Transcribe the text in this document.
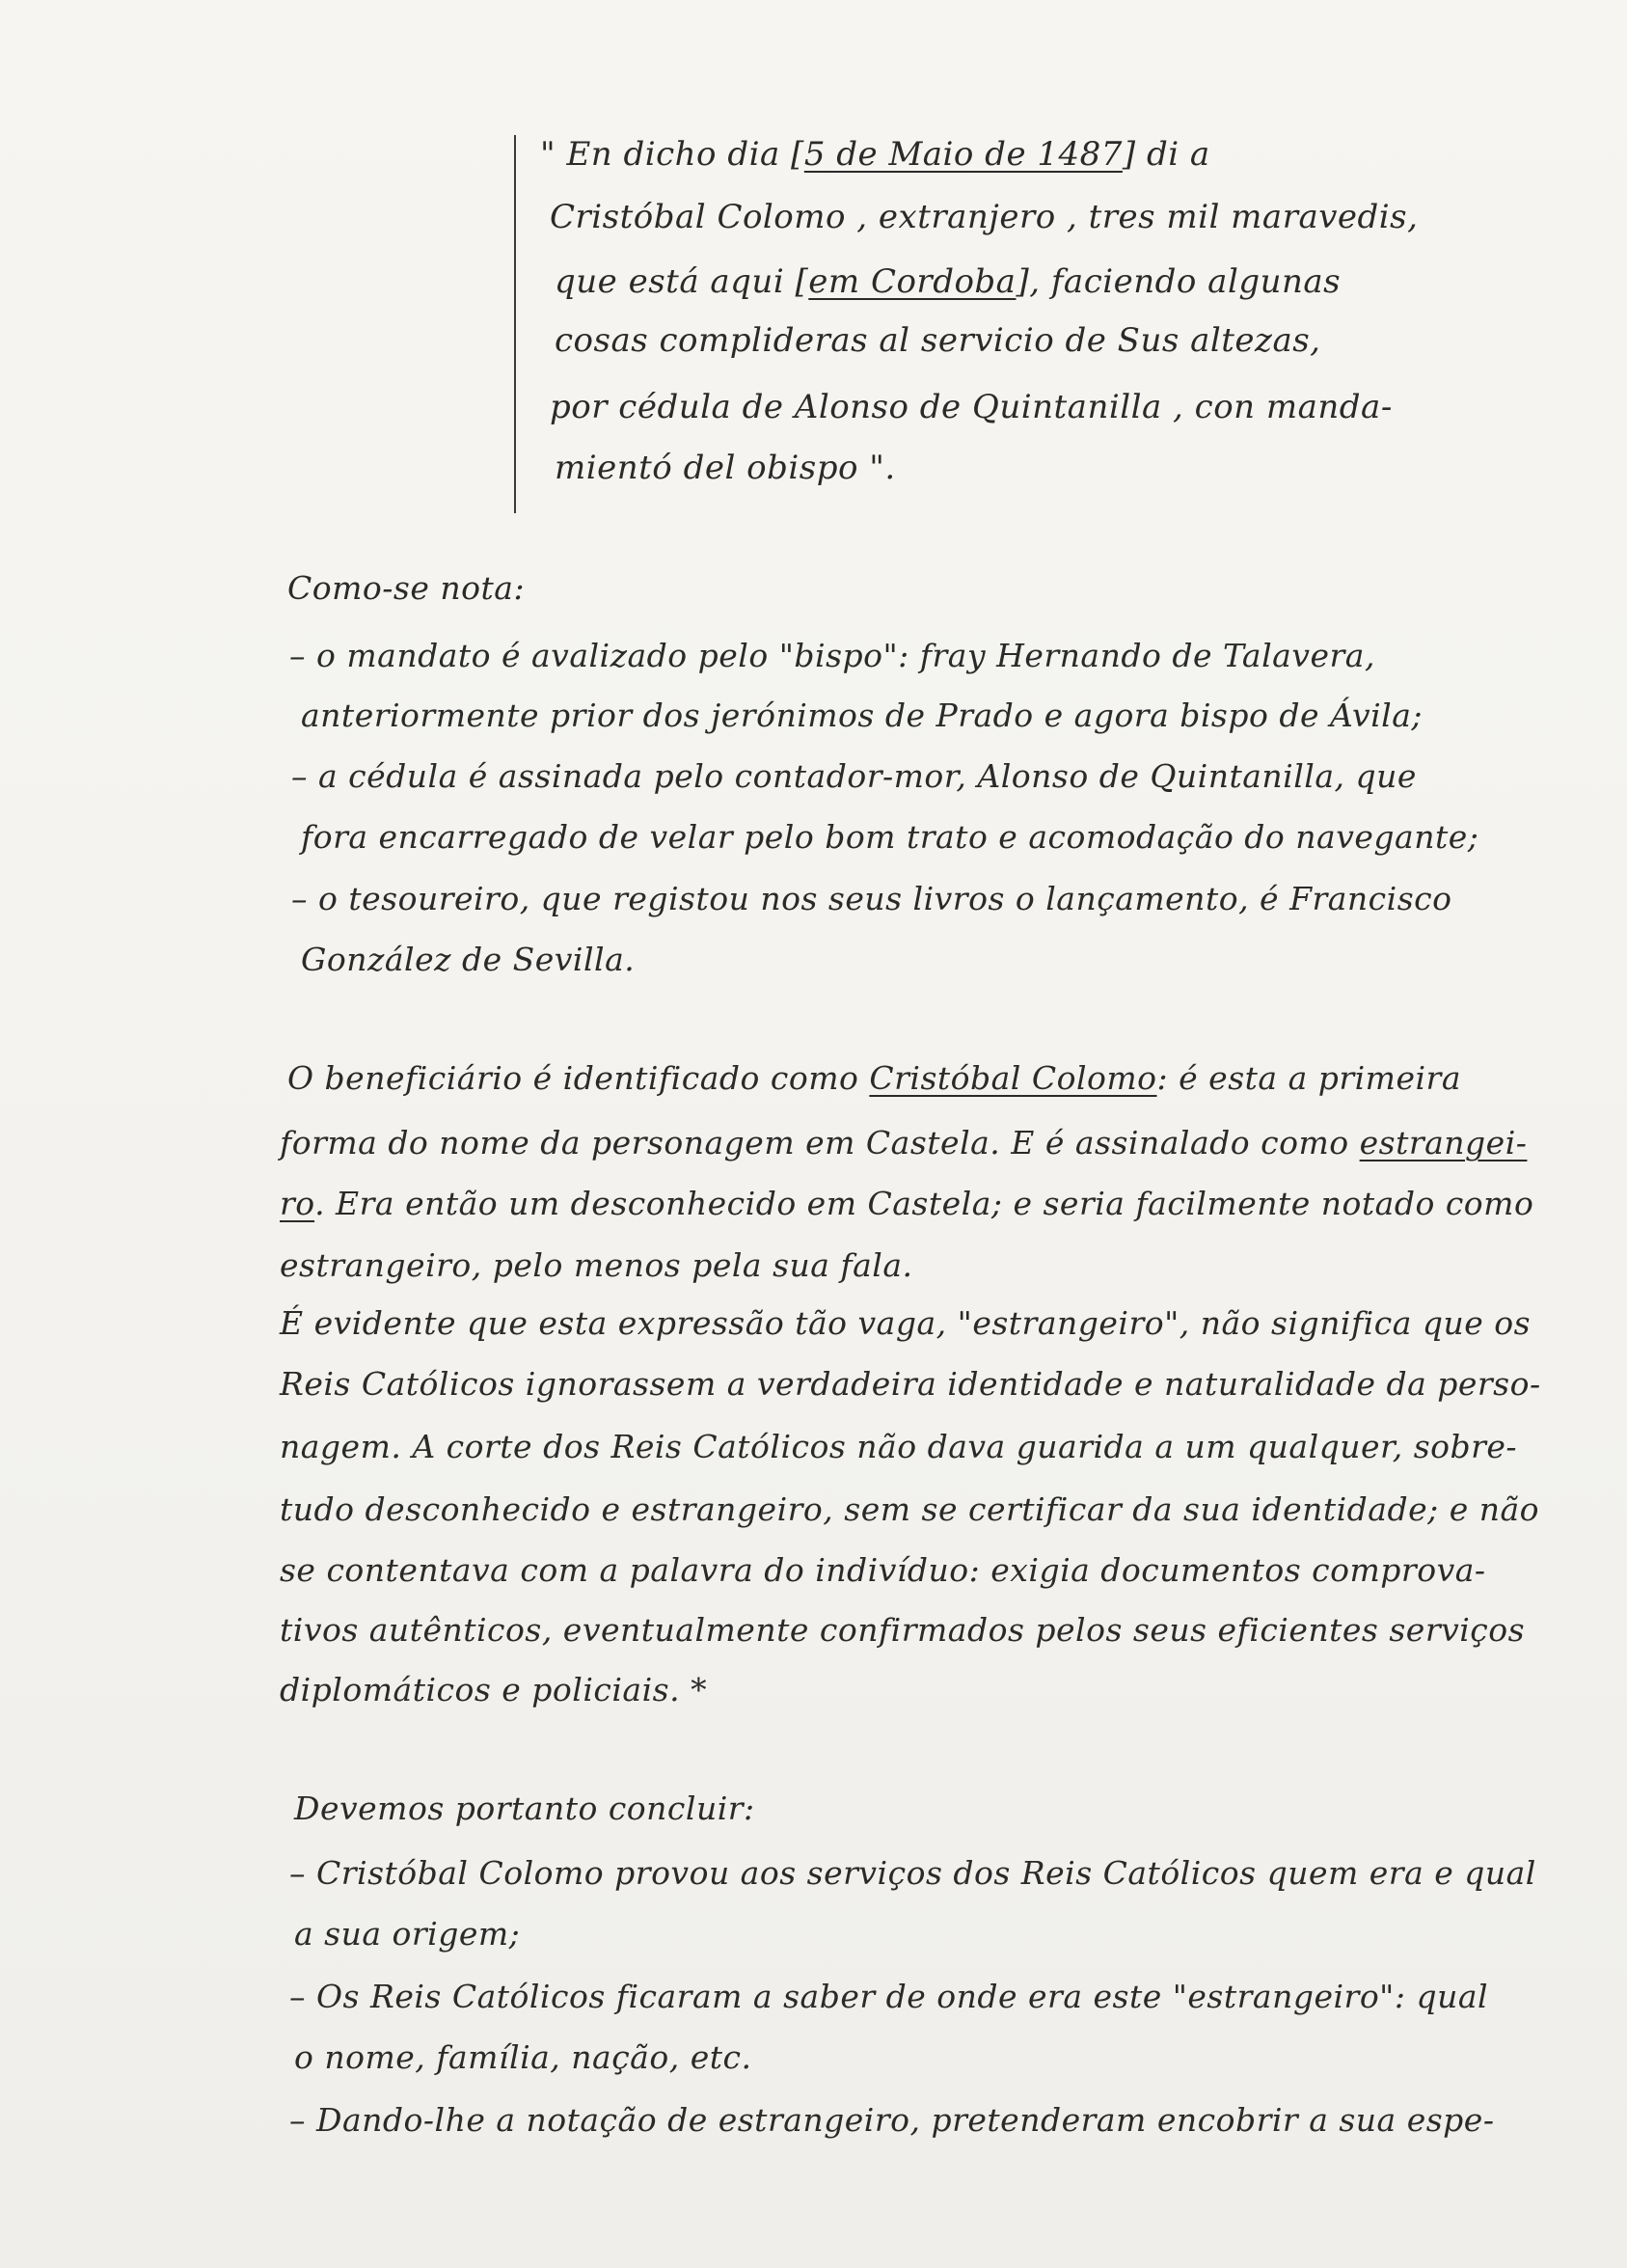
" En dicho dia [5 de Maio de 1487] di a
Cristóbal Colomo , extranjero , tres mil maravedis,
que está aqui [em Cordoba], faciendo algunas
cosas complideras al servicio de Sus altezas,
por cédula de Alonso de Quintanilla , con manda-
mientó del obispo ".
Como-se nota:
– o mandato é avalizado pelo "bispo": fray Hernando de Talavera,
anteriormente prior dos jerónimos de Prado e agora bispo de Ávila;
– a cédula é assinada pelo contador-mor, Alonso de Quintanilla, que
fora encarregado de velar pelo bom trato e acomodação do navegante;
– o tesoureiro, que registou nos seus livros o lançamento, é Francisco
González de Sevilla.
O beneficiário é identificado como Cristóbal Colomo: é esta a primeira
forma do nome da personagem em Castela. E é assinalado como estrangei-
ro. Era então um desconhecido em Castela; e seria facilmente notado como
estrangeiro, pelo menos pela sua fala.
É evidente que esta expressão tão vaga, "estrangeiro", não significa que os
Reis Católicos ignorassem a verdadeira identidade e naturalidade da perso-
nagem. A corte dos Reis Católicos não dava guarida a um qualquer, sobre-
tudo desconhecido e estrangeiro, sem se certificar da sua identidade; e não
se contentava com a palavra do indivíduo: exigia documentos comprova-
tivos autênticos, eventualmente confirmados pelos seus eficientes serviços
diplomáticos e policiais. *
Devemos portanto concluir:
– Cristóbal Colomo provou aos serviços dos Reis Católicos quem era e qual
a sua origem;
– Os Reis Católicos ficaram a saber de onde era este "estrangeiro": qual
o nome, família, nação, etc.
– Dando-lhe a notação de estrangeiro, pretenderam encobrir a sua espe-
